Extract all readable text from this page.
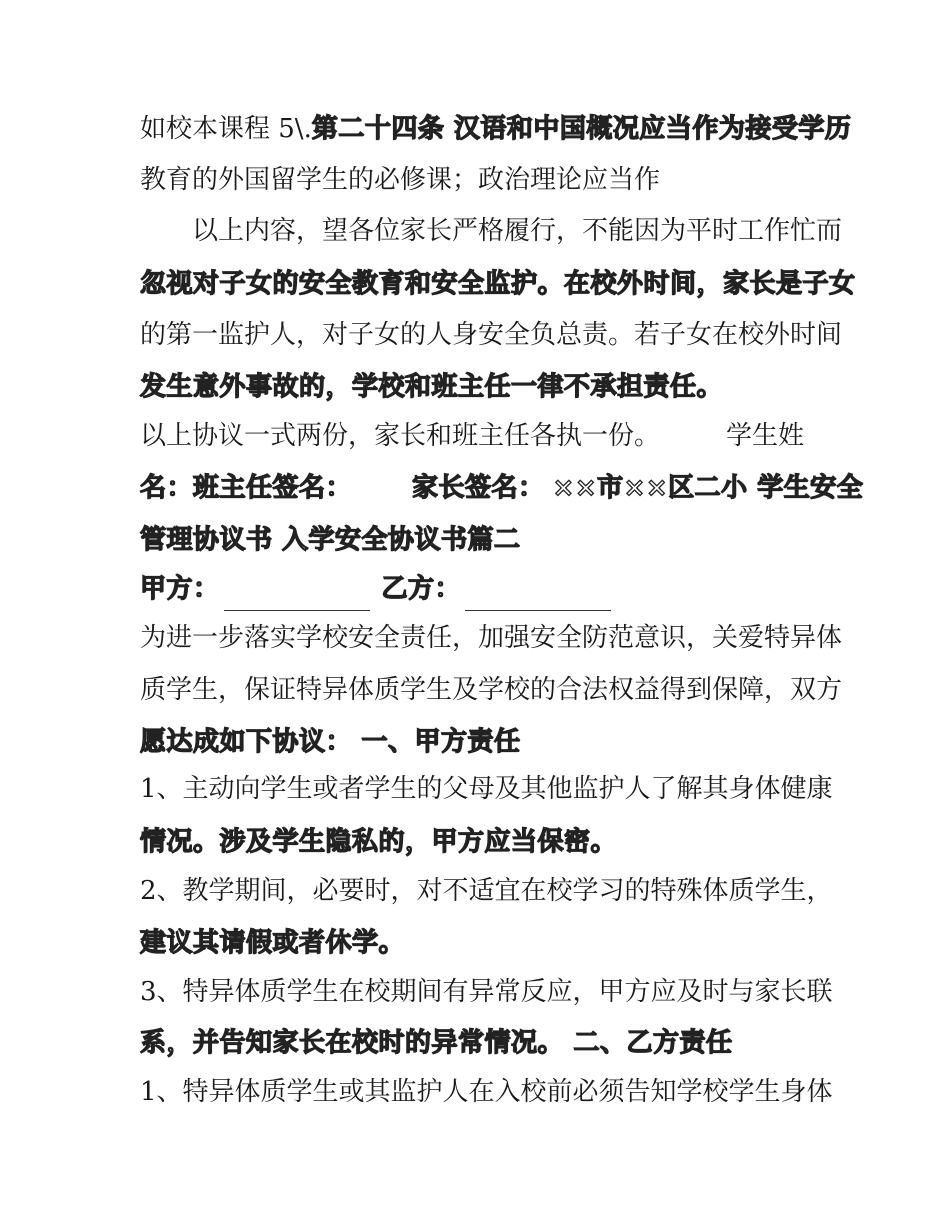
如校本课程 5\.第二十四条 汉语和中国概况应当作为接受学历
教育的外国留学生的必修课；政治理论应当作
以上内容，望各位家长严格履行，不能因为平时工作忙而
忽视对子女的安全教育和安全监护。在校外时间，家长是子女
的第一监护人，对子女的人身安全负总责。若子女在校外时间
发生意外事故的，学校和班主任一律不承担责任。
以上协议一式两份，家长和班主任各执一份。	学生姓
名：班主任签名： 家长签名： ××市××区二小 学生安全
管理协议书 入学安全协议书篇二
甲方：	乙方：
为进一步落实学校安全责任，加强安全防范意识，关爱特异体
质学生，保证特异体质学生及学校的合法权益得到保障，双方
愿达成如下协议： 一、甲方责任
1、主动向学生或者学生的父母及其他监护人了解其身体健康
情况。涉及学生隐私的，甲方应当保密。
2、教学期间，必要时，对不适宜在校学习的特殊体质学生，
建议其请假或者休学。
3、特异体质学生在校期间有异常反应，甲方应及时与家长联
系，并告知家长在校时的异常情况。 二、乙方责任
1、特异体质学生或其监护人在入校前必须告知学校学生身体
